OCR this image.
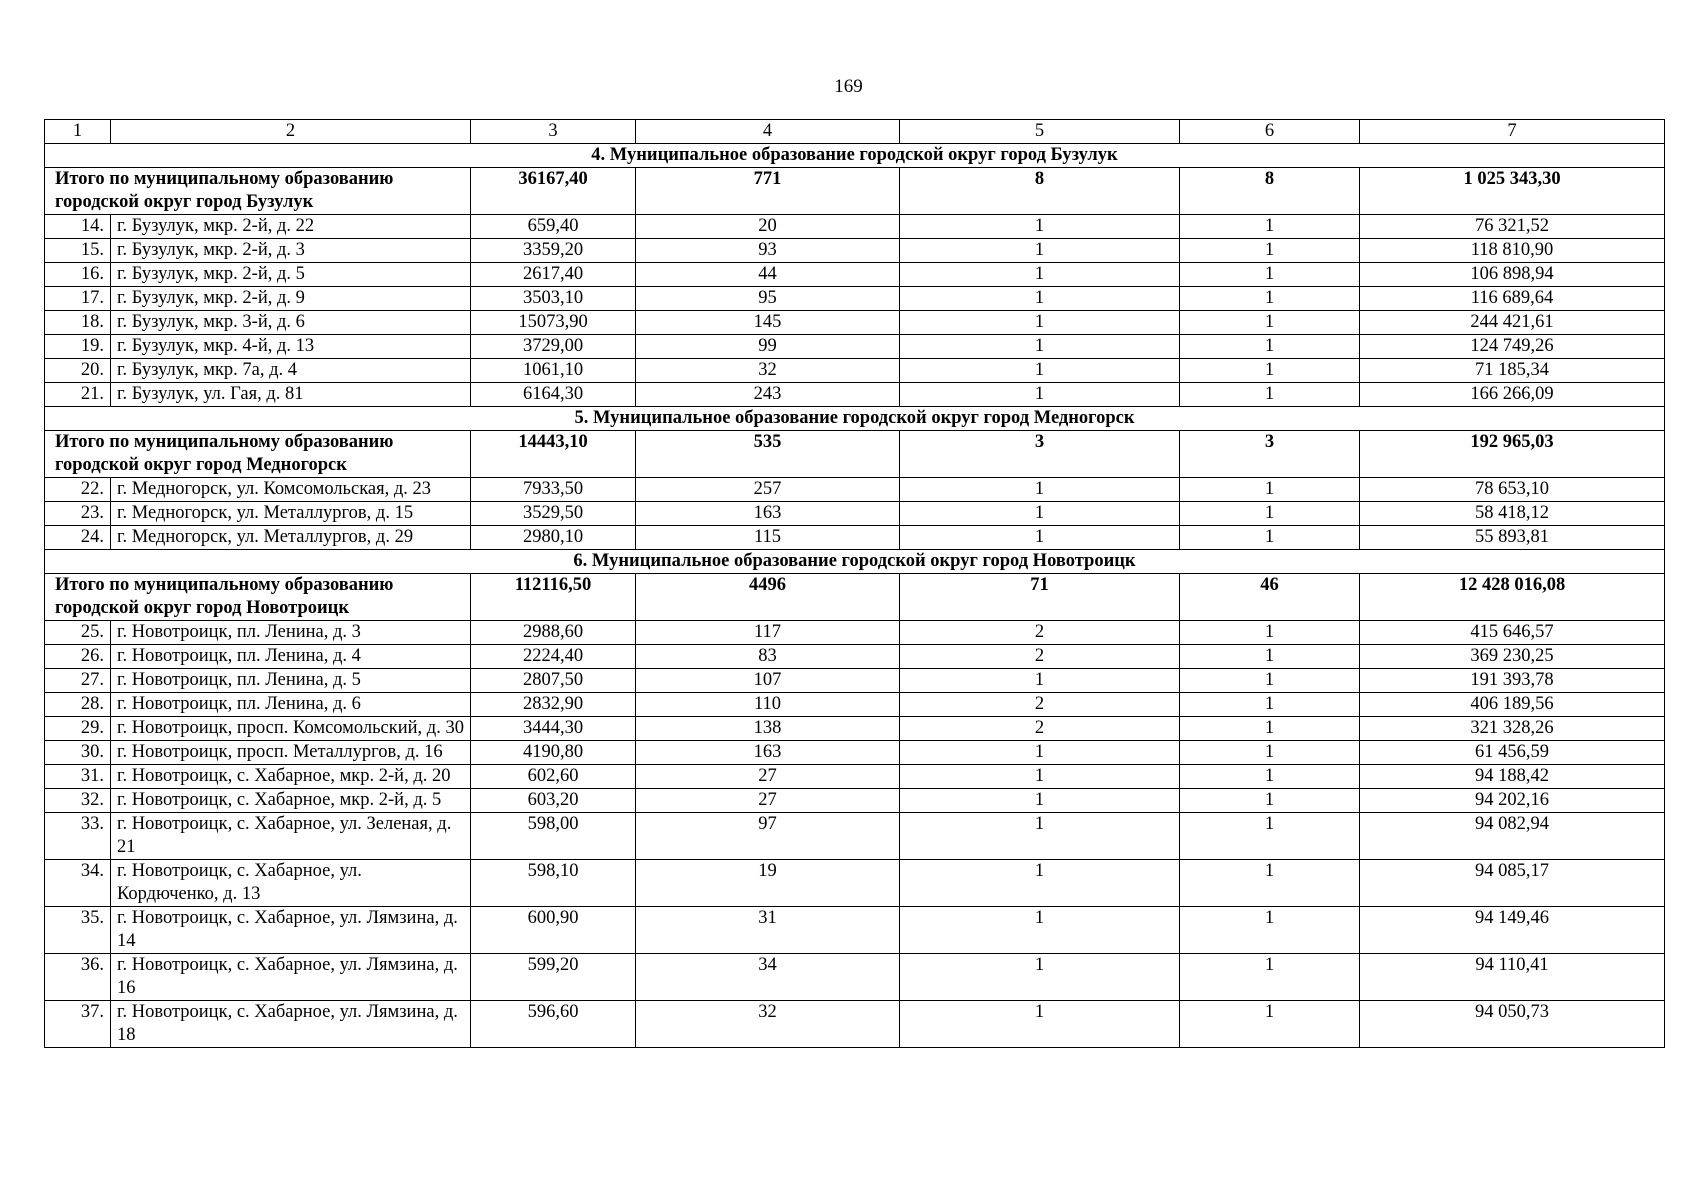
169
1	2	3	4	5	6	7
4. Муниципальное образование городской округ город Бузулук						
Итого по муниципальному образованию городской округ город Бузулук		36167,40	771	8	8	1 025 343,30
14.	г. Бузулук, мкр. 2-й, д. 22	659,40	20	1	1	76 321,52
15.	г. Бузулук, мкр. 2-й, д. 3	3359,20	93	1	1	118 810,90
16.	г. Бузулук, мкр. 2-й, д. 5	2617,40	44	1	1	106 898,94
17.	г. Бузулук, мкр. 2-й, д. 9	3503,10	95	1	1	116 689,64
18.	г. Бузулук, мкр. 3-й, д. 6	15073,90	145	1	1	244 421,61
19.	г. Бузулук, мкр. 4-й, д. 13	3729,00	99	1	1	124 749,26
20.	г. Бузулук, мкр. 7а, д. 4	1061,10	32	1	1	71 185,34
21.	г. Бузулук, ул. Гая, д. 81	6164,30	243	1	1	166 266,09
5. Муниципальное образование городской округ город Медногорск						
Итого по муниципальному образованию городской округ город Медногорск		14443,10	535	3	3	192 965,03
22.	г. Медногорск, ул. Комсомольская, д. 23	7933,50	257	1	1	78 653,10
23.	г. Медногорск, ул. Металлургов, д. 15	3529,50	163	1	1	58 418,12
24.	г. Медногорск, ул. Металлургов, д. 29	2980,10	115	1	1	55 893,81
6. Муниципальное образование городской округ город Новотроицк						
Итого по муниципальному образованию городской округ город Новотроицк		112116,50	4496	71	46	12 428 016,08
25.	г. Новотроицк, пл. Ленина, д. 3	2988,60	117	2	1	415 646,57
26.	г. Новотроицк, пл. Ленина, д. 4	2224,40	83	2	1	369 230,25
27.	г. Новотроицк, пл. Ленина, д. 5	2807,50	107	1	1	191 393,78
28.	г. Новотроицк, пл. Ленина, д. 6	2832,90	110	2	1	406 189,56
29.	г. Новотроицк, просп. Комсомольский, д. 30	3444,30	138	2	1	321 328,26
30.	г. Новотроицк, просп. Металлургов, д. 16	4190,80	163	1	1	61 456,59
31.	г. Новотроицк, с. Хабарное, мкр. 2-й, д. 20	602,60	27	1	1	94 188,42
32.	г. Новотроицк, с. Хабарное, мкр. 2-й, д. 5	603,20	27	1	1	94 202,16
33.	г. Новотроицк, с. Хабарное, ул. Зеленая, д. 21	598,00	97	1	1	94 082,94
34.	г. Новотроицк, с. Хабарное, ул. Кордюченко, д. 13	598,10	19	1	1	94 085,17
35.	г. Новотроицк, с. Хабарное, ул. Лямзина, д. 14	600,90	31	1	1	94 149,46
36.	г. Новотроицк, с. Хабарное, ул. Лямзина, д. 16	599,20	34	1	1	94 110,41
37.	г. Новотроицк, с. Хабарное, ул. Лямзина, д. 18	596,60	32	1	1	94 050,73
